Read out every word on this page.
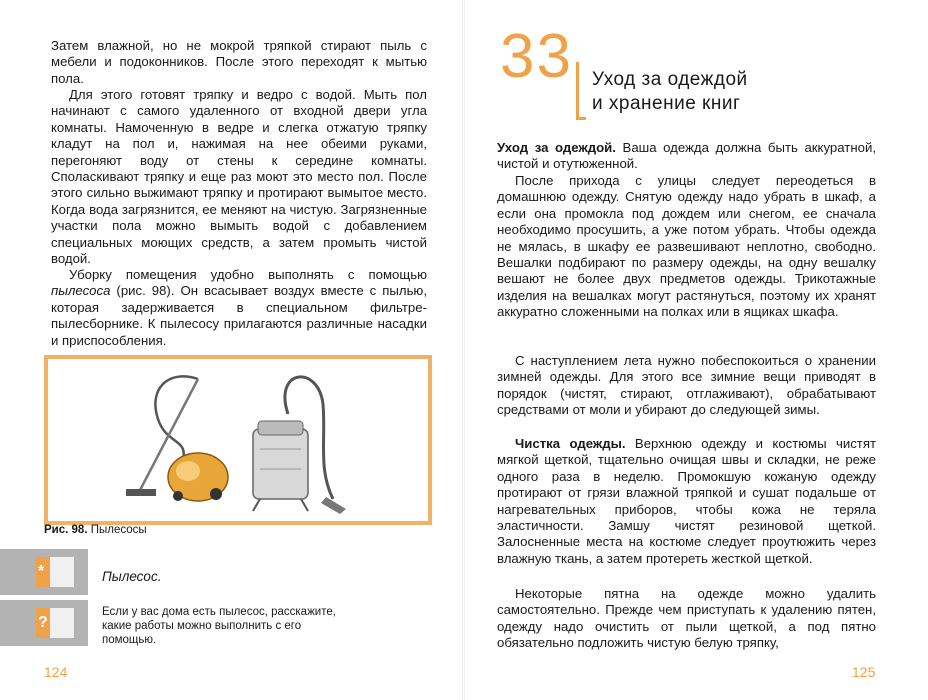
Затем влажной, но не мокрой тряпкой стирают пыль с мебели и подоконников. После этого переходят к мытью пола.

Для этого готовят тряпку и ведро с водой. Мыть пол начинают с самого удаленного от входной двери угла комнаты. Намоченную в ведре и слегка отжатую тряпку кладут на пол и, нажимая на нее обеими руками, перегоняют воду от стены к середине комнаты. Споласкивают тряпку и еще раз моют это место пол. После этого сильно выжимают тряпку и протирают вымытое место. Когда вода загрязнится, ее меняют на чистую. Загрязненные участки пола можно вымыть водой с добавлением специальных моющих средств, а затем промыть чистой водой.

Уборку помещения удобно выполнять с помощью пылесоса (рис. 98). Он всасывает воздух вместе с пылью, которая задерживается в специальном фильтре-пылесборнике. К пылесосу прилагаются различные насадки и приспособления.

Рис. 98. Пылесосы
*
?
Пылесос.
Если у вас дома есть пылесос, расскажите, какие работы можно выполнить с его помощью.
124
33 Уход за одеждой
и хранение книг

Уход за одеждой. Ваша одежда должна быть аккуратной, чистой и отутюженной.

После прихода с улицы следует переодеться в домашнюю одежду. Снятую одежду надо убрать в шкаф, а если она промокла под дождем или снегом, ее сначала необходимо просушить, а уже потом убрать. Чтобы одежда не мялась, в шкафу ее развешивают неплотно, свободно. Вешалки подбирают по размеру одежды, на одну вешалку вешают не более двух предметов одежды. Трикотажные изделия на вешалках могут растянуться, поэтому их хранят аккуратно сложенными на полках или в ящиках шкафа.

С наступлением лета нужно побеспокоиться о хранении зимней одежды. Для этого все зимние вещи приводят в порядок (чистят, стирают, отглаживают), обрабатывают средствами от моли и убирают до следующей зимы.

Чистка одежды. Верхнюю одежду и костюмы чистят мягкой щеткой, тщательно очищая швы и складки, не реже одного раза в неделю. Промокшую кожаную одежду протирают от грязи влажной тряпкой и сушат подальше от нагревательных приборов, чтобы кожа не теряла эластичности. Замшу чистят резиновой щеткой. Залосненные места на костюме следует проутюжить через влажную ткань, а затем протереть жесткой щеткой.

Некоторые пятна на одежде можно удалить самостоятельно. Прежде чем приступать к удалению пятен, одежду надо очистить от пыли щеткой, а под пятно обязательно подложить чистую белую тряпку,

125
